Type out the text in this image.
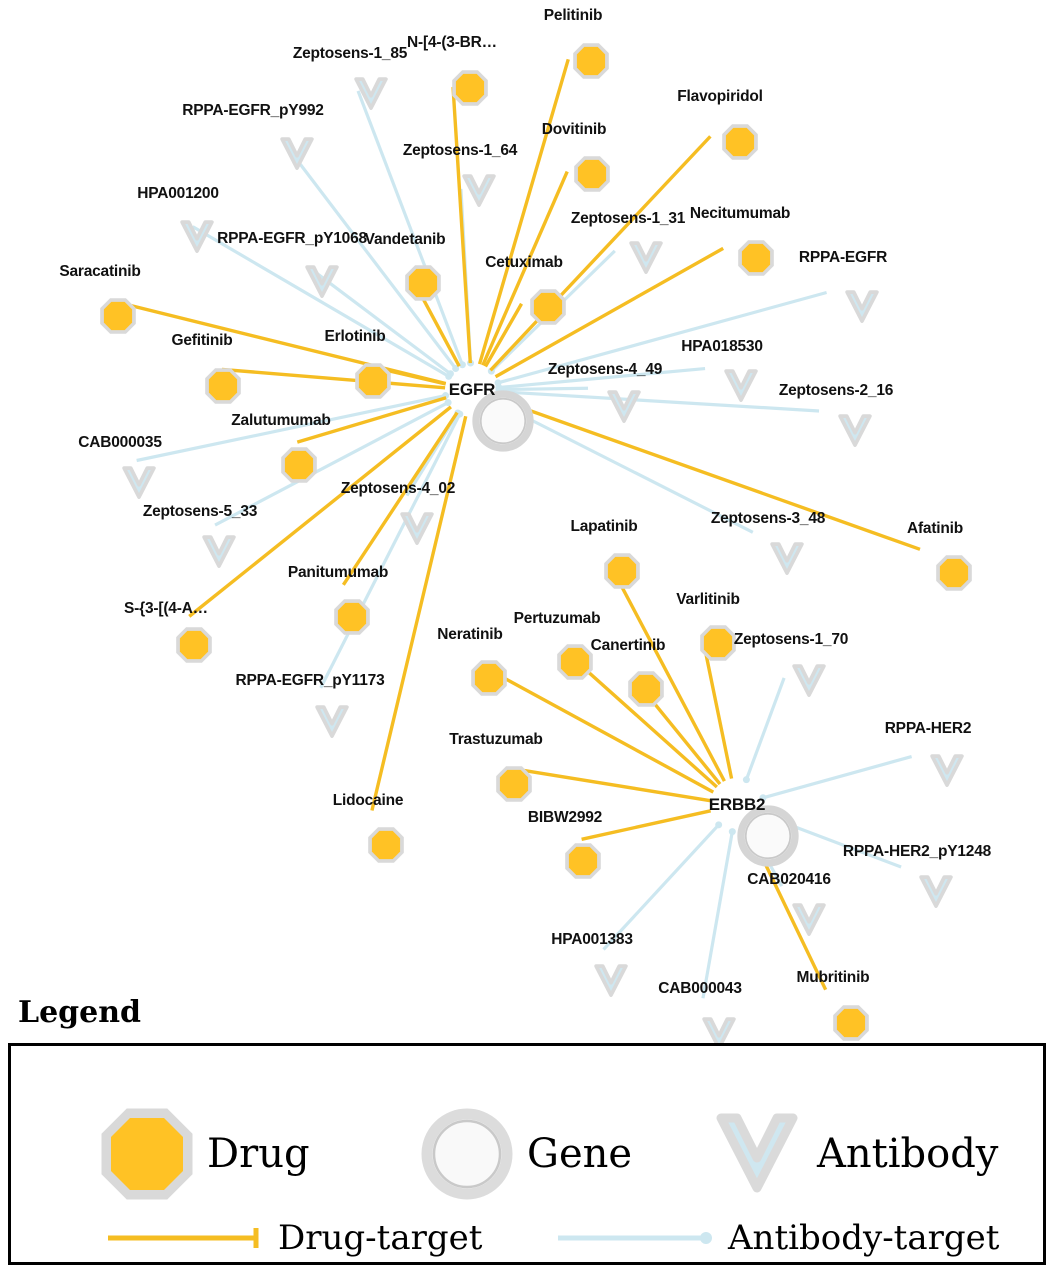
Zeptosens-1_85
RPPA-EGFR_pY992
Zeptosens-1_64
HPA001200
Zeptosens-1_31
RPPA-EGFR_pY1068
RPPA-EGFR
HPA018530
Zeptosens-4_49
Zeptosens-2_16
CAB000035
Zeptosens-4_02
Zeptosens-5_33	Zeptosens-3_48
Zeptosens-1_70
RPPA-EGFR_pY1173
RPPA-HER2
RPPA-HER2_pY1248
CAB020416
HPA001383
CAB000043
Pelitinib
N-[4-(3-BR…
Flavopiridol
Dovitinib
Vandetanib
Necitumumab
Cetuximab
Saracatinib
Gefitinib	Erlotinib
Zalutumumab
Afatinib
Lapatinib
Varlitinib
Panitumumab
S-{3-[(4-A…
Pertuzumab
Neratinib
Canertinib
Trastuzumab
Lidocaine
BIBW2992
Mubritinib
EGFR
ERBB2
Legend
Drug	Gene	Antibody
Drug-target	Antibody-target
